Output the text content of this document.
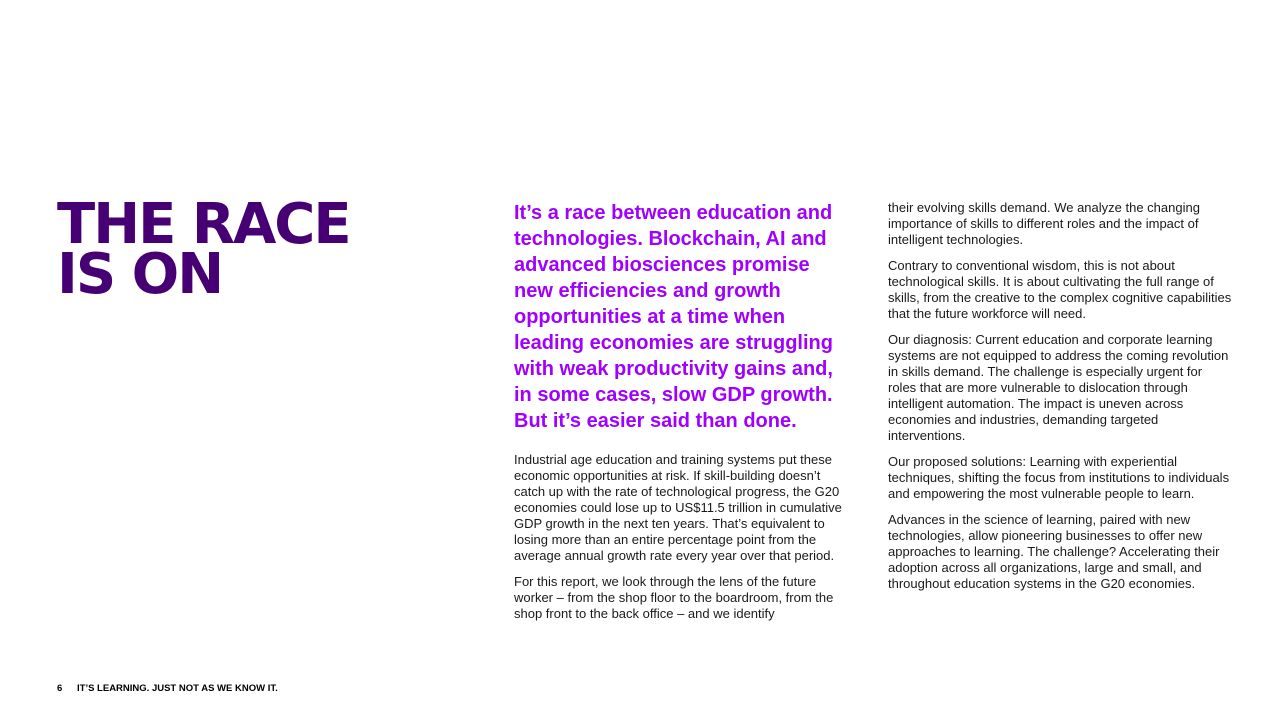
THE RACE
IS ON

It’s a race between education and technologies. Blockchain, AI and advanced biosciences promise new efficiencies and growth opportunities at a time when leading economies are struggling with weak productivity gains and, in some cases, slow GDP growth. But it’s easier said than done.

Industrial age education and training systems put these economic opportunities at risk. If skill-building doesn’t catch up with the rate of technological progress, the G20 economies could lose up to US$11.5 trillion in cumulative GDP growth in the next ten years. That’s equivalent to losing more than an entire percentage point from the average annual growth rate every year over that period.

For this report, we look through the lens of the future worker – from the shop floor to the boardroom, from the shop front to the back office – and we identify

their evolving skills demand. We analyze the changing importance of skills to different roles and the impact of intelligent technologies.

Contrary to conventional wisdom, this is not about technological skills. It is about cultivating the full range of skills, from the creative to the complex cognitive capabilities that the future workforce will need.

Our diagnosis: Current education and corporate learning systems are not equipped to address the coming revolution in skills demand. The challenge is especially urgent for roles that are more vulnerable to dislocation through intelligent automation. The impact is uneven across economies and industries, demanding targeted interventions.

Our proposed solutions: Learning with experiential techniques, shifting the focus from institutions to individuals and empowering the most vulnerable people to learn.

Advances in the science of learning, paired with new technologies, allow pioneering businesses to offer new approaches to learning. The challenge? Accelerating their adoption across all organizations, large and small, and throughout education systems in the G20 economies.

6 IT’S LEARNING. JUST NOT AS WE KNOW IT.
